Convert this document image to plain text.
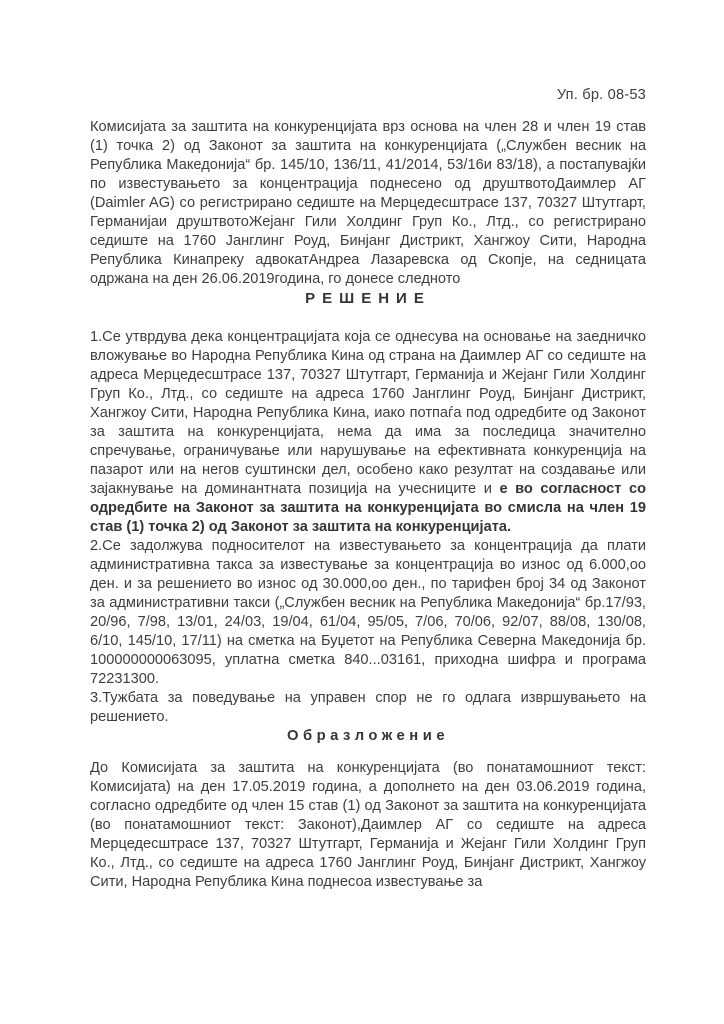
Уп. бр. 08-53

Комисијата за заштита на конкуренцијата врз основа на член 28 и член 19 став (1) точка 2) од Законот за заштита на конкуренцијата („Службен весник на Република Македонија“ бр. 145/10, 136/11, 41/2014, 53/16и 83/18), а постапувајќи по известувањето за концентрација поднесено од друштвотоДаимлер АГ (Daimler AG) со регистрирано седиште на Мерцедесштрасе 137, 70327 Штутгарт, Германијаи друштвотоЖејанг Гили Холдинг Груп Ко., Лтд., со регистрирано седиште на 1760 Јанглинг Роуд, Бинјанг Дистрикт, Хангжоу Сити, Народна Република Кинапреку адвокатАндреа Лазаревска од Скопје, на седницата одржана на ден 26.06.2019година, го донесе следното

РЕШЕНИЕ

1.Се утврдува дека концентрацијата која се однесува на основање на заедничко вложување во Народна Република Кина од страна на Даимлер АГ со седиште на адреса Мерцедесштрасе 137, 70327 Штутгарт, Германија и Жејанг Гили Холдинг Груп Ко., Лтд., со седиште на адреса 1760 Јанглинг Роуд, Бинјанг Дистрикт, Хангжоу Сити, Народна Република Кина, иако потпаѓа под одредбите од Законот за заштита на конкуренцијата, нема да има за последица значително спречување, ограничување или нарушување на ефективната конкуренција на пазарот или на негов суштински дел, особено како резултат на создавање или зајакнување на доминантната позиција на учесниците и е во согласност со одредбите на Законот за заштита на конкуренцијата во смисла на член 19 став (1) точка 2) од Законот за заштита на конкуренцијата.

2.Се задолжува подносителот на известувањето за концентрација да плати административна такса за известување за концентрација во износ од 6.000,оо ден. и за решението во износ од 30.000,оо ден., по тарифен број 34 од Законот за административни такси („Службен весник на Република Македонија“ бр.17/93, 20/96, 7/98, 13/01, 24/03, 19/04, 61/04, 95/05, 7/06, 70/06, 92/07, 88/08, 130/08, 6/10, 145/10, 17/11) на сметка на Буџетот на Република Северна Македонија бр. 100000000063095, уплатна сметка 840...03161, приходна шифра и програма 72231300.

3.Тужбата за поведување на управен спор не го одлага извршувањето на решението.

Образложение

До Комисијата за заштита на конкуренцијата (во понатамошниот текст: Комисијата) на ден 17.05.2019 година, а дополнето на ден 03.06.2019 година, согласно одредбите од член 15 став (1) од Законот за заштита на конкуренцијата (во понатамошниот текст: Законот),Даимлер АГ со седиште на адреса Мерцедесштрасе 137, 70327 Штутгарт, Германија и Жејанг Гили Холдинг Груп Ко., Лтд., со седиште на адреса 1760 Јанглинг Роуд, Бинјанг Дистрикт, Хангжоу Сити, Народна Република Кина поднесоа известување за
